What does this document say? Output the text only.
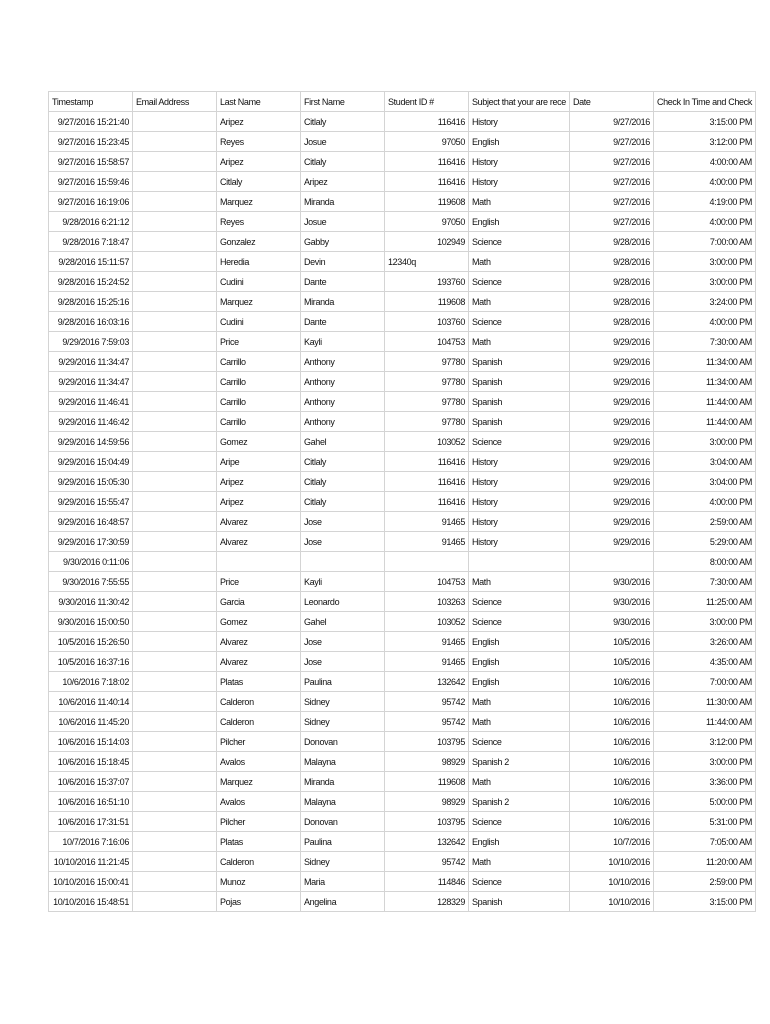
Timestamp	Email Address	Last Name	First Name	Student ID #	Subject that your are rece	Date	Check In Time and Check
9/27/2016 15:21:40		Aripez	Citlaly	116416	History	9/27/2016	3:15:00 PM
9/27/2016 15:23:45		Reyes	Josue	97050	English	9/27/2016	3:12:00 PM
9/27/2016 15:58:57		Aripez	Citlaly	116416	History	9/27/2016	4:00:00 AM
9/27/2016 15:59:46		Citlaly	Aripez	116416	History	9/27/2016	4:00:00 PM
9/27/2016 16:19:06		Marquez	Miranda	119608	Math	9/27/2016	4:19:00 PM
9/28/2016 6:21:12		Reyes	Josue	97050	English	9/27/2016	4:00:00 PM
9/28/2016 7:18:47		Gonzalez	Gabby	102949	Science	9/28/2016	7:00:00 AM
9/28/2016 15:11:57		Heredia	Devin	12340q	Math	9/28/2016	3:00:00 PM
9/28/2016 15:24:52		Cudini	Dante	193760	Science	9/28/2016	3:00:00 PM
9/28/2016 15:25:16		Marquez	Miranda	119608	Math	9/28/2016	3:24:00 PM
9/28/2016 16:03:16		Cudini	Dante	103760	Science	9/28/2016	4:00:00 PM
9/29/2016 7:59:03		Price	Kayli	104753	Math	9/29/2016	7:30:00 AM
9/29/2016 11:34:47		Carrillo	Anthony	97780	Spanish	9/29/2016	11:34:00 AM
9/29/2016 11:34:47		Carrillo	Anthony	97780	Spanish	9/29/2016	11:34:00 AM
9/29/2016 11:46:41		Carrillo	Anthony	97780	Spanish	9/29/2016	11:44:00 AM
9/29/2016 11:46:42		Carrillo	Anthony	97780	Spanish	9/29/2016	11:44:00 AM
9/29/2016 14:59:56		Gomez	Gahel	103052	Science	9/29/2016	3:00:00 PM
9/29/2016 15:04:49		Aripe	Citlaly	116416	History	9/29/2016	3:04:00 AM
9/29/2016 15:05:30		Aripez	Citlaly	116416	History	9/29/2016	3:04:00 PM
9/29/2016 15:55:47		Aripez	Citlaly	116416	History	9/29/2016	4:00:00 PM
9/29/2016 16:48:57		Alvarez	Jose	91465	History	9/29/2016	2:59:00 AM
9/29/2016 17:30:59		Alvarez	Jose	91465	History	9/29/2016	5:29:00 AM
9/30/2016 0:11:06							8:00:00 AM
9/30/2016 7:55:55		Price	Kayli	104753	Math	9/30/2016	7:30:00 AM
9/30/2016 11:30:42		Garcia	Leonardo	103263	Science	9/30/2016	11:25:00 AM
9/30/2016 15:00:50		Gomez	Gahel	103052	Science	9/30/2016	3:00:00 PM
10/5/2016 15:26:50		Alvarez	Jose	91465	English	10/5/2016	3:26:00 AM
10/5/2016 16:37:16		Alvarez	Jose	91465	English	10/5/2016	4:35:00 AM
10/6/2016 7:18:02		Platas	Paulina	132642	English	10/6/2016	7:00:00 AM
10/6/2016 11:40:14		Calderon	Sidney	95742	Math	10/6/2016	11:30:00 AM
10/6/2016 11:45:20		Calderon	Sidney	95742	Math	10/6/2016	11:44:00 AM
10/6/2016 15:14:03		Pilcher	Donovan	103795	Science	10/6/2016	3:12:00 PM
10/6/2016 15:18:45		Avalos	Malayna	98929	Spanish 2	10/6/2016	3:00:00 PM
10/6/2016 15:37:07		Marquez	Miranda	119608	Math	10/6/2016	3:36:00 PM
10/6/2016 16:51:10		Avalos	Malayna	98929	Spanish 2	10/6/2016	5:00:00 PM
10/6/2016 17:31:51		Pilcher	Donovan	103795	Science	10/6/2016	5:31:00 PM
10/7/2016 7:16:06		Platas	Paulina	132642	English	10/7/2016	7:05:00 AM
10/10/2016 11:21:45		Calderon	Sidney	95742	Math	10/10/2016	11:20:00 AM
10/10/2016 15:00:41		Munoz	Maria	114846	Science	10/10/2016	2:59:00 PM
10/10/2016 15:48:51		Pojas	Angelina	128329	Spanish	10/10/2016	3:15:00 PM
